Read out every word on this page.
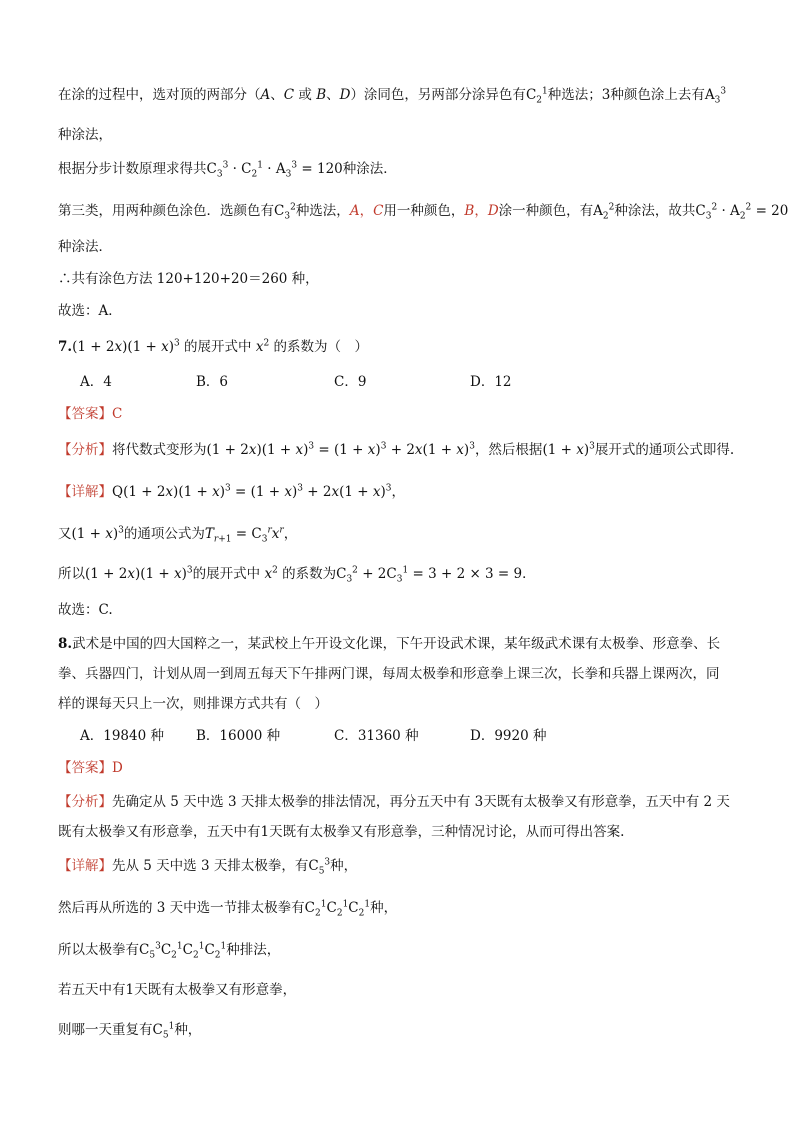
在涂的过程中，选对顶的两部分（A、C 或 B、D）涂同色，另两部分涂异色有$C_2^1$种选法；3种颜色涂上去有$A_3^3$
种涂法，
根据分步计数原理求得共$C_3^3 \cdot C_2^1 \cdot A_3^3 = 120$种涂法．
第三类，用两种颜色涂色．选颜色有$C_3^2$种选法，A，C用一种颜色，B，D涂一种颜色，有$A_2^2$种涂法，故共$C_3^2 \cdot A_2^2 = 20$
种涂法．
∴共有涂色方法 120+120+20＝260 种，
故选：A．
$7.(1 + 2x)(1 + x)^3$ 的展开式中 $x^2$ 的系数为（　）
A．4	B．6	C．9	D．12
【答案】C
【分析】将代数式变形为$(1 + 2x)(1 + x)^3 = (1 + x)^3 + 2x(1 + x)^3$，然后根据$(1 + x)^3$展开式的通项公式即得.
【详解】$Q(1 + 2x)(1 + x)^3 = (1 + x)^3 + 2x(1 + x)^3$，
又$(1 + x)^3$的通项公式为$T_{r+1} = C_3^rx^r$，
所以$(1 + 2x)(1 + x)^3$的展开式中 $x^2$ 的系数为$C_3^2 + 2C_3^1 = 3 + 2 \times 3 = 9$．
故选：C.
8.武术是中国的四大国粹之一，某武校上午开设文化课，下午开设武术课，某年级武术课有太极拳、形意拳、长
拳、兵器四门，计划从周一到周五每天下午排两门课，每周太极拳和形意拳上课三次，长拳和兵器上课两次，同
样的课每天只上一次，则排课方式共有（　）
A．19840 种 B．16000 种	C．31360 种	D．9920 种
【答案】D
【分析】先确定从 5 天中选 3 天排太极拳的排法情况，再分五天中有 3天既有太极拳又有形意拳，五天中有 2 天
既有太极拳又有形意拳，五天中有1天既有太极拳又有形意拳，三种情况讨论，从而可得出答案.
【详解】先从 5 天中选 3 天排太极拳，有$C_5^3$种，
然后再从所选的 3 天中选一节排太极拳有$C_2^1C_2^1C_2^1$种，
所以太极拳有$C_5^3C_2^1C_2^1C_2^1$种排法，
若五天中有1天既有太极拳又有形意拳，
则哪一天重复有$C_5^1$种，
